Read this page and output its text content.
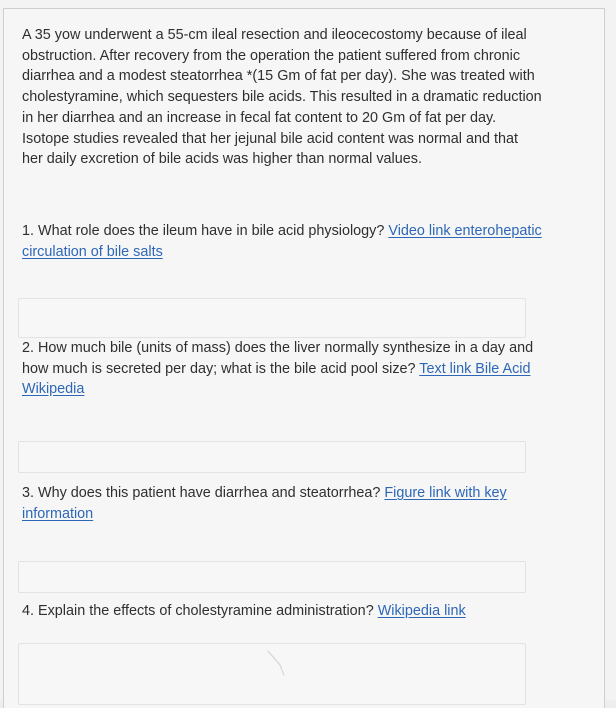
A 35 yow underwent a 55-cm ileal resection and ileocecostomy because of ileal obstruction. After recovery from the operation the patient suffered from chronic diarrhea and a modest steatorrhea *(15 Gm of fat per day). She was treated with cholestyramine, which sequesters bile acids. This resulted in a dramatic reduction in her diarrhea and an increase in fecal fat content to 20 Gm of fat per day. Isotope studies revealed that her jejunal bile acid content was normal and that her daily excretion of bile acids was higher than normal values.

1. What role does the ileum have in bile acid physiology? Video link enterohepatic circulation of bile salts

2. How much bile (units of mass) does the liver normally synthesize in a day and how much is secreted per day; what is the bile acid pool size? Text link Bile Acid Wikipedia

3. Why does this patient have diarrhea and steatorrhea? Figure link with key information

4. Explain the effects of cholestyramine administration? Wikipedia link
